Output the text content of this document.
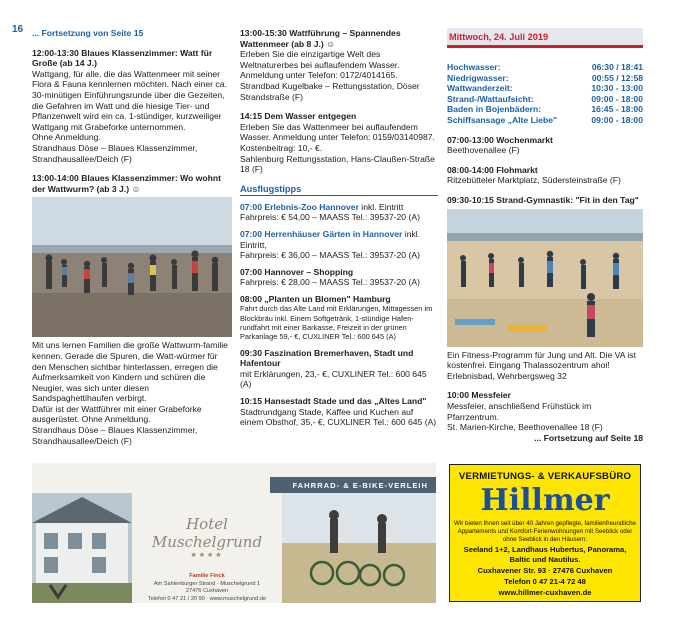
16 ... Fortsetzung von Seite 15
12:00-13:30 Blaues Klassenzimmer: Watt für Große (ab 14 J.)
Wattgang, für alle, die das Wattenmeer mit seiner Flora & Fauna kennlernen möchten. Nach einer ca. 30-minütigen Einführungsrunde über die Gezeiten, die Gefahren im Watt und die hiesige Tier- und Pflanzenwelt wird ein ca. 1-stündiger, kurzweiliger Wattgang mit Grabeforke unternommen.
Ohne Anmeldung.
Strandhaus Döse – Blaues Klassenzimmer, Strandhausallee/Deich (F)
13:00-14:00 Blaues Klassenzimmer: Wo wohnt der Wattwurm? (ab 3 J.) ☺
Mit uns lernen Familien die große Wattwurm-familie kennen. Gerade die Spuren, die Watt-würmer für den Menschen sichtbar hinterlassen, erregen die Aufmerksamkeit von Kindern und schüren die Neugier, was sich unter diesen Sandspaghettihaufen verbirgt.
Dafür ist der Wattführer mit einer Grabeforke ausgerüstet. Ohne Anmeldung.
Strandhaus Döse – Blaues Klassenzimmer, Strandhausallee/Deich (F)
13:00-15:30 Wattführung – Spannendes Wattenmeer (ab 8 J.) ☺
Erleben Sie die einzigartige Welt des Weltnaturerbes bei auflaufendem Wasser. Anmeldung unter Telefon: 0172/4014165.
Strandbad Kugelbake – Rettungsstation, Döser Strandstraße (F)
14:15 Dem Wasser entgegen
Erleben Sie das Wattenmeer bei auflaufendem Wasser. Anmeldung unter Telefon: 0159/03140987. Kostenbeitrag: 10,- €.
Sahlenburg Rettungsstation, Hans-Claußen-Straße 18 (F)
Ausflugstipps
07:00 Erlebnis-Zoo Hannover inkl. Eintritt
Fahrpreis: € 54,00 – MAASS Tel.: 39537-20 (A)
07:00 Herrenhäuser Gärten in Hannover inkl. Eintritt,
Fahrpreis: € 36,00 – MAASS Tel.: 39537-20 (A)
07:00 Hannover – Shopping
Fahrpreis: € 28,00 – MAASS Tel.: 39537-20 (A)
08:00 „Planten un Blomen" Hamburg
Fahrt durch das Alte Land mit Erklärungen, Mittagessen im Blockbräu inkl. Einem Softgetränk, 1-stündige Hafen-rundfahrt mit einer Barkasse, Freizeit in der grünen Parkanlage 59,- €, CUXLINER Tel.: 600 645 (A)
09:30 Faszination Bremerhaven, Stadt und Hafentour
mit Erklärungen, 23,- €, CUXLINER Tel.: 600 645 (A)
10:15 Hansestadt Stade und das „Altes Land"
Stadtrundgang Stade, Kaffee und Kuchen auf einem Obsthof, 35,- €, CUXLINER Tel.: 600 645 (A)
Mittwoch, 24. Juli 2019
Hochwasser:	06:30 / 18:41
Niedrigwasser:	00:55 / 12:58
Wattwanderzeit:	10:30 - 13:00
Strand-/Wattaufsicht:	09:00 - 18:00
Baden in Bojenbädern:	16:45 - 18:00
Schiffsansage „Alte Liebe"	09:00 - 18:00
07:00-13:00 Wochenmarkt
Beethovenallee (F)
08:00-14:00 Flohmarkt
Ritzebütteler Marktplatz, Südersteinstraße (F)
09:30-10:15 Strand-Gymnastik: "Fit in den Tag"
Ein Fitness-Programm für Jung und Alt. Die VA ist kostenfrei. Eingang Thalassozentrum ahoi! Erlebnisbad, Wehrbergsweg 32
10:00 Messfeier
Messfeier, anschließend Frühstück im Pfarrzentrum.
St. Marien-Kirche, Beethovenallee 18 (F)
... Fortsetzung auf Seite 18
FAHRRAD- & E-BIKE-VERLEIH
Hotel Muschelgrund
★★★★
Familie Finck
Am Sahlenburger Strand · Muschelgrund 1
27476 Cuxhaven
Telefon 0 47 21 / 20 90 · www.muschelgrund.de
VERMIETUNGS- & VERKAUFSBÜRO
Hillmer
Wir bieten Ihnen seit über 40 Jahren gepflegte, familienfreundliche Appartements und Komfort-Ferienwohnungen mit Seeblick oder ohne Seeblick in den Häusern:
Seeland 1+2, Landhaus Hubertus, Panorama, Baltic und Nautilus.
Cuxhavener Str. 93 · 27476 Cuxhaven
Telefon 0 47 21-4 72 48
www.hillmer-cuxhaven.de
